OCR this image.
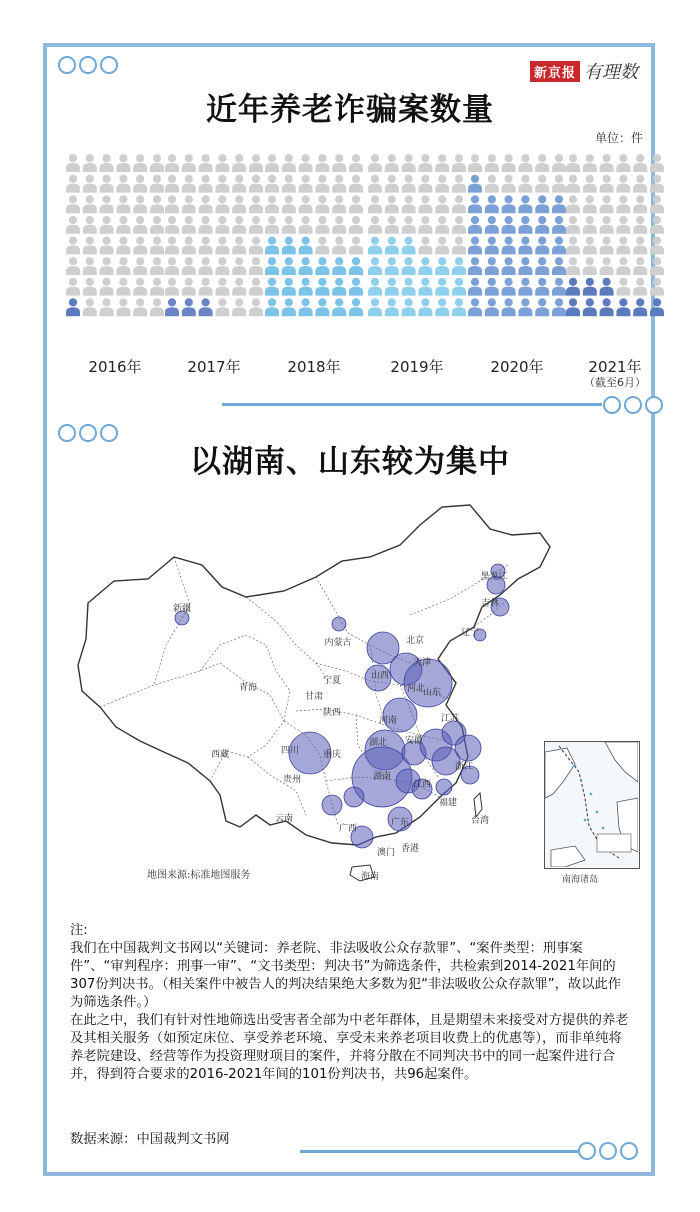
新京报 有理数
近年养老诈骗案数量
单位：件
2016年	2017年	2018年	2019年	2020年	2021年
（截至6月）
以湖南、山东较为集中
新疆
西藏
青海
四川
甘肃
宁夏
内蒙古
陕西
山西
北京
天津
河北
山东
河南	江苏
安徽
湖北
重庆
湖南
江西
浙江
福建
贵州
云南
广西
广东
澳门 香港
台湾
海南
黑龙江
吉林
辽宁
地图来源:标准地图服务	南海诸岛

注:

我们在中国裁判文书网以“关键词：养老院、非法吸收公众存款罪”、“案件类型：刑事案件”、“审判程序：刑事一审”、“文书类型：判决书”为筛选条件，共检索到2014-2021年间的307份判决书。（相关案件中被告人的判决结果绝大多数为犯“非法吸收公众存款罪”，故以此作为筛选条件。）

在此之中，我们有针对性地筛选出受害者全部为中老年群体，且是期望未来接受对方提供的养老及其相关服务（如预定床位、享受养老环境、享受未来养老项目收费上的优惠等），而非单纯将养老院建设、经营等作为投资理财项目的案件，并将分散在不同判决书中的同一起案件进行合并，得到符合要求的2016-2021年间的101份判决书，共96起案件。

数据来源：中国裁判文书网
